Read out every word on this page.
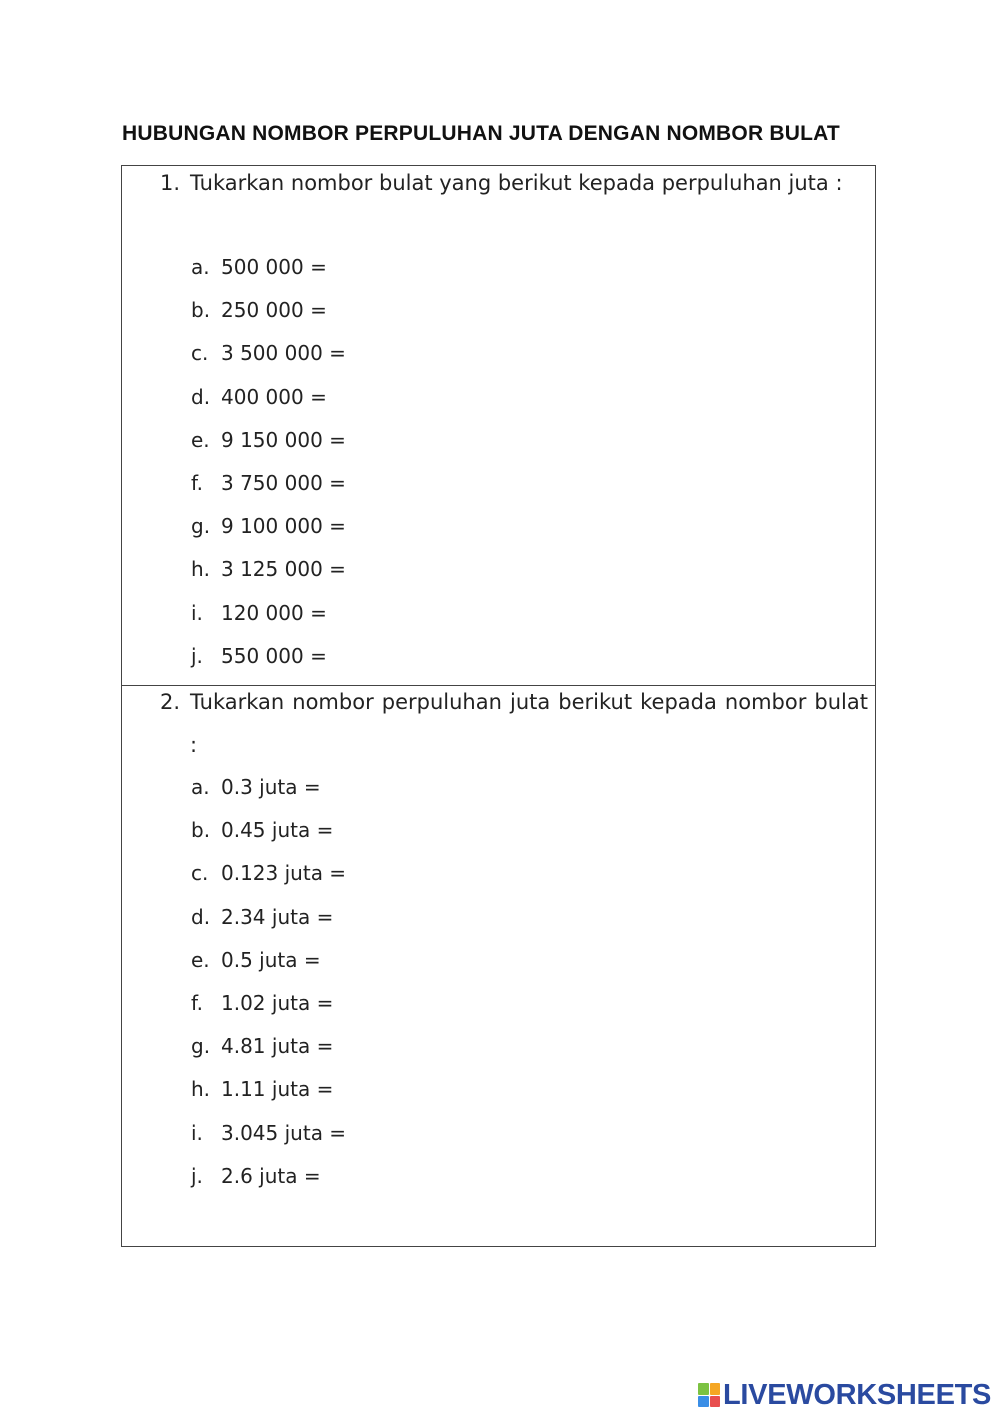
HUBUNGAN NOMBOR PERPULUHAN JUTA DENGAN NOMBOR BULAT
1. Tukarkan nombor bulat yang berikut kepada perpuluhan juta :
a. 500 000 =
b. 250 000 =
c. 3 500 000 =
d. 400 000 =
e. 9 150 000 =
f. 3 750 000 =
g. 9 100 000 =
h. 3 125 000 =
i. 120 000 =
j. 550 000 =
2. Tukarkan nombor perpuluhan juta berikut kepada nombor bulat :
a. 0.3 juta =
b. 0.45 juta =
c. 0.123 juta =
d. 2.34 juta =
e. 0.5 juta =
f. 1.02 juta =
g. 4.81 juta =
h. 1.11 juta =
i. 3.045 juta =
j. 2.6 juta =
LIVEWORKSHEETS
